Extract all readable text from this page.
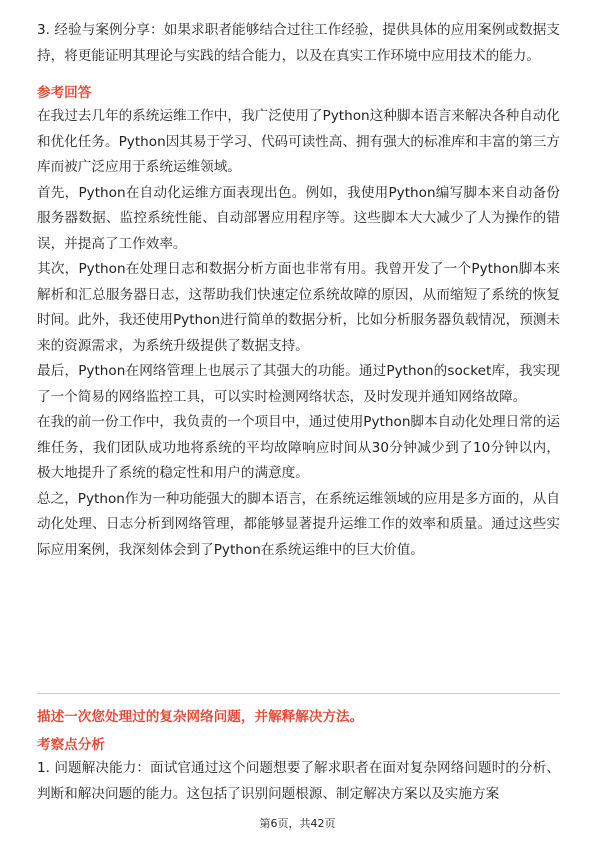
3. 经验与案例分享：如果求职者能够结合过往工作经验，提供具体的应用案例或数据支持，将更能证明其理论与实践的结合能力，以及在真实工作环境中应用技术的能力。

参考回答

在我过去几年的系统运维工作中，我广泛使用了Python这种脚本语言来解决各种自动化和优化任务。Python因其易于学习、代码可读性高、拥有强大的标准库和丰富的第三方库而被广泛应用于系统运维领域。

首先，Python在自动化运维方面表现出色。例如，我使用Python编写脚本来自动备份服务器数据、监控系统性能、自动部署应用程序等。这些脚本大大减少了人为操作的错误，并提高了工作效率。

其次，Python在处理日志和数据分析方面也非常有用。我曾开发了一个Python脚本来解析和汇总服务器日志，这帮助我们快速定位系统故障的原因，从而缩短了系统的恢复时间。此外，我还使用Python进行简单的数据分析，比如分析服务器负载情况，预测未来的资源需求，为系统升级提供了数据支持。

最后，Python在网络管理上也展示了其强大的功能。通过Python的socket库，我实现了一个简易的网络监控工具，可以实时检测网络状态，及时发现并通知网络故障。

在我的前一份工作中，我负责的一个项目中，通过使用Python脚本自动化处理日常的运维任务，我们团队成功地将系统的平均故障响应时间从30分钟减少到了10分钟以内，极大地提升了系统的稳定性和用户的满意度。

总之，Python作为一种功能强大的脚本语言，在系统运维领域的应用是多方面的，从自动化处理、日志分析到网络管理，都能够显著提升运维工作的效率和质量。通过这些实际应用案例，我深刻体会到了Python在系统运维中的巨大价值。

描述一次您处理过的复杂网络问题，并解释解决方法。

考察点分析

1. 问题解决能力：面试官通过这个问题想要了解求职者在面对复杂网络问题时的分析、判断和解决问题的能力。这包括了识别问题根源、制定解决方案以及实施方案

第6页，共42页
